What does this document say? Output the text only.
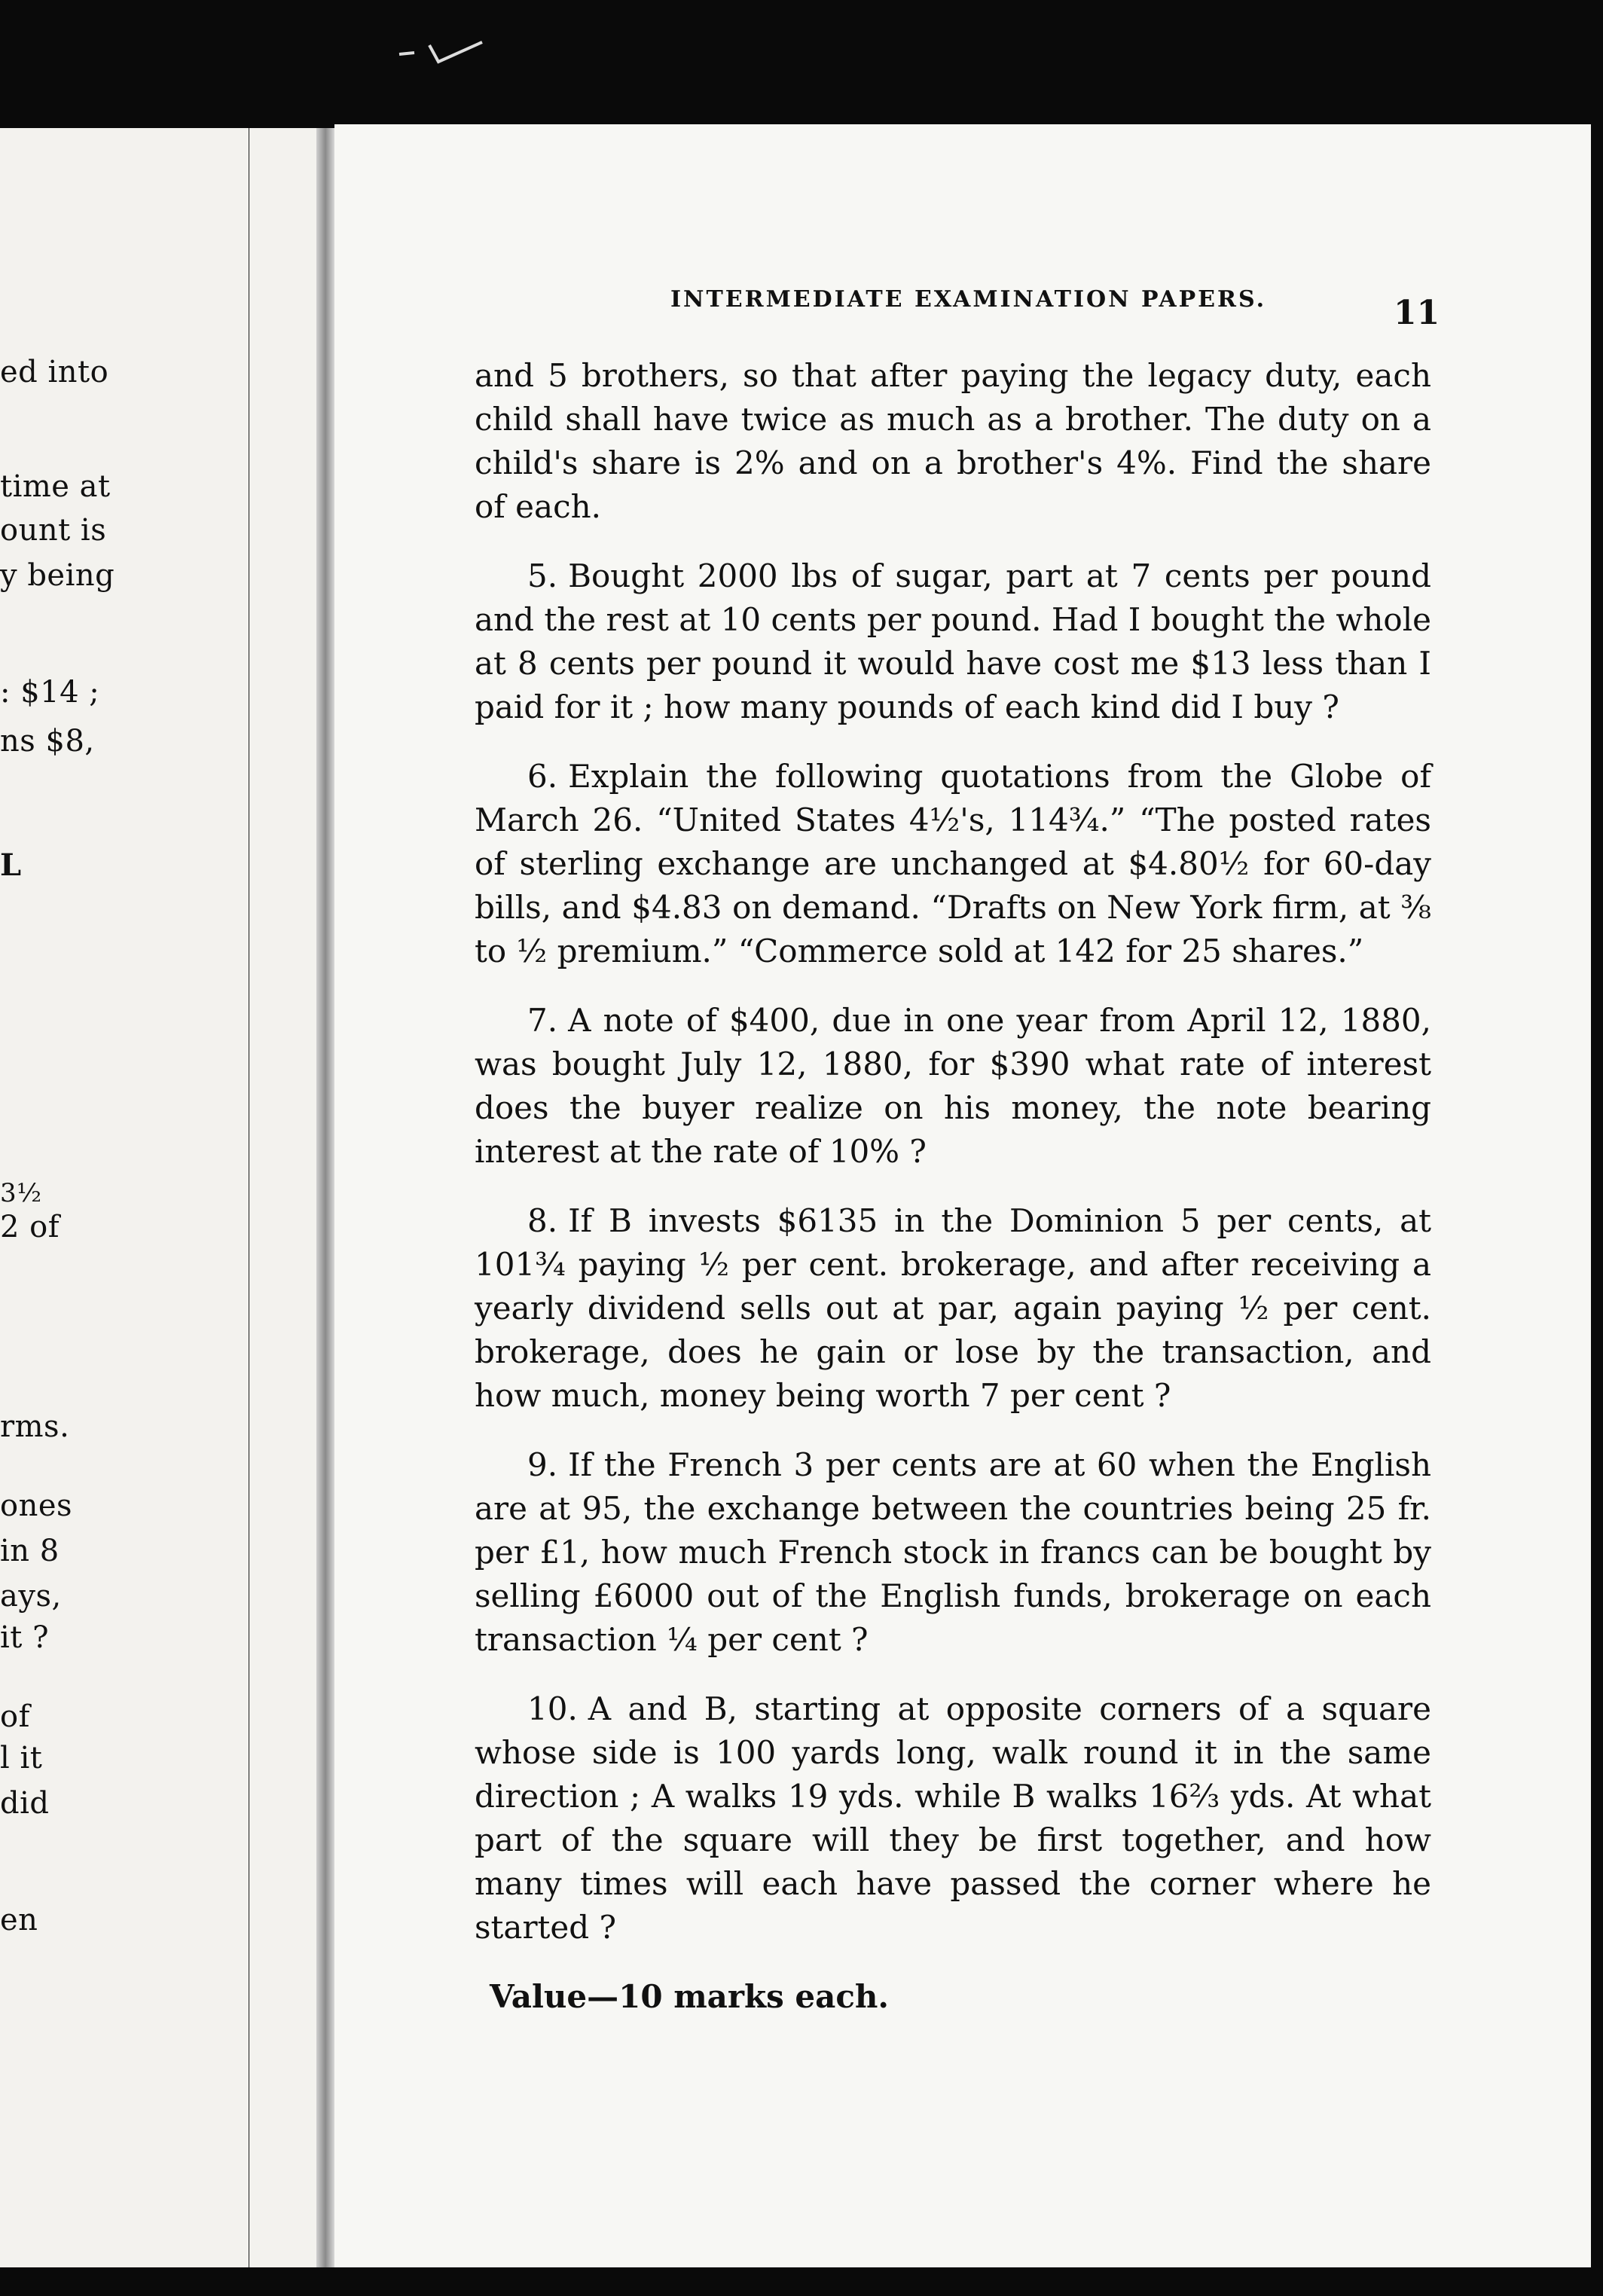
ed into
time at
ount is
y being
: $14 ;
ns $8,
L
3½
2 of
rms.
ones
in 8
ays,
it ?
of
l it
did
en
INTERMEDIATE EXAMINATION PAPERS.	11

and 5 brothers, so that after paying the legacy duty, each child shall have twice as much as a brother. The duty on a child's share is 2% and on a brother's 4%. Find the share of each.

5. Bought 2000 lbs of sugar, part at 7 cents per pound and the rest at 10 cents per pound. Had I bought the whole at 8 cents per pound it would have cost me $13 less than I paid for it ; how many pounds of each kind did I buy ?

6. Explain the following quotations from the Globe of March 26. “United States 4½'s, 114¾.” “The posted rates of sterling exchange are unchanged at $4.80½ for 60-day bills, and $4.83 on demand. “Drafts on New York firm, at ⅜ to ½ premium.” “Commerce sold at 142 for 25 shares.”

7. A note of $400, due in one year from April 12, 1880, was bought July 12, 1880, for $390 what rate of interest does the buyer realize on his money, the note bearing interest at the rate of 10% ?

8. If B invests $6135 in the Dominion 5 per cents, at 101¾ paying ½ per cent. brokerage, and after receiving a yearly dividend sells out at par, again paying ½ per cent. brokerage, does he gain or lose by the transaction, and how much, money being worth 7 per cent ?

9. If the French 3 per cents are at 60 when the English are at 95, the exchange between the countries being 25 fr. per £1, how much French stock in francs can be bought by selling £6000 out of the English funds, brokerage on each transaction ¼ per cent ?

10. A and B, starting at opposite corners of a square whose side is 100 yards long, walk round it in the same direction ; A walks 19 yds. while B walks 16⅔ yds. At what part of the square will they be first together, and how many times will each have passed the corner where he started ?

Value—10 marks each.
